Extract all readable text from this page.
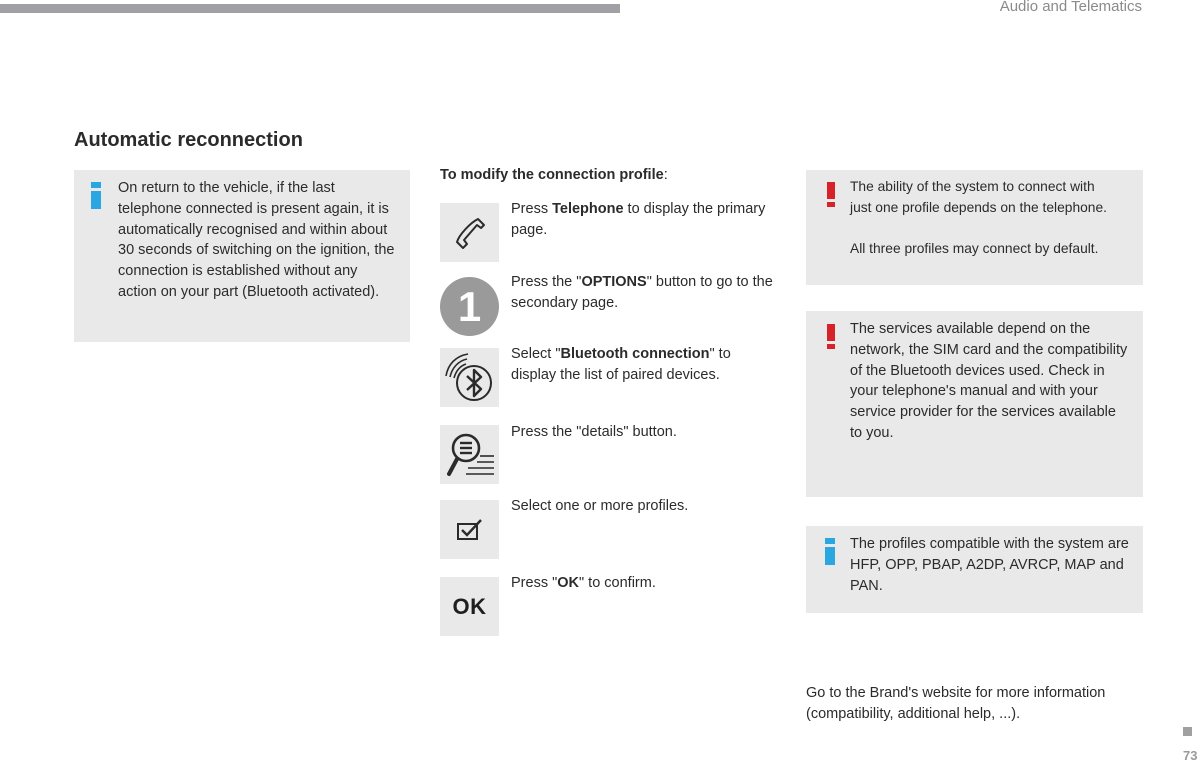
Audio and Telematics
Automatic reconnection

On return to the vehicle, if the last telephone connected is present again, it is automatically recognised and within about 30 seconds of switching on the ignition, the connection is established without any action on your part (Bluetooth activated).

To modify the connection profile:
Press Telephone to display the primary page.
1
Press the "OPTIONS" button to go to the secondary page.
Select "Bluetooth connection" to display the list of paired devices.
Press the "details" button.
Select one or more profiles.
OK
Press "OK" to confirm.

The ability of the system to connect with just one profile depends on the telephone.

All three profiles may connect by default.

The services available depend on the network, the SIM card and the compatibility of the Bluetooth devices used. Check in your telephone's manual and with your service provider for the services available to you.

The profiles compatible with the system are HFP, OPP, PBAP, A2DP, AVRCP, MAP and PAN.

Go to the Brand's website for more information (compatibility, additional help, ...).
73
